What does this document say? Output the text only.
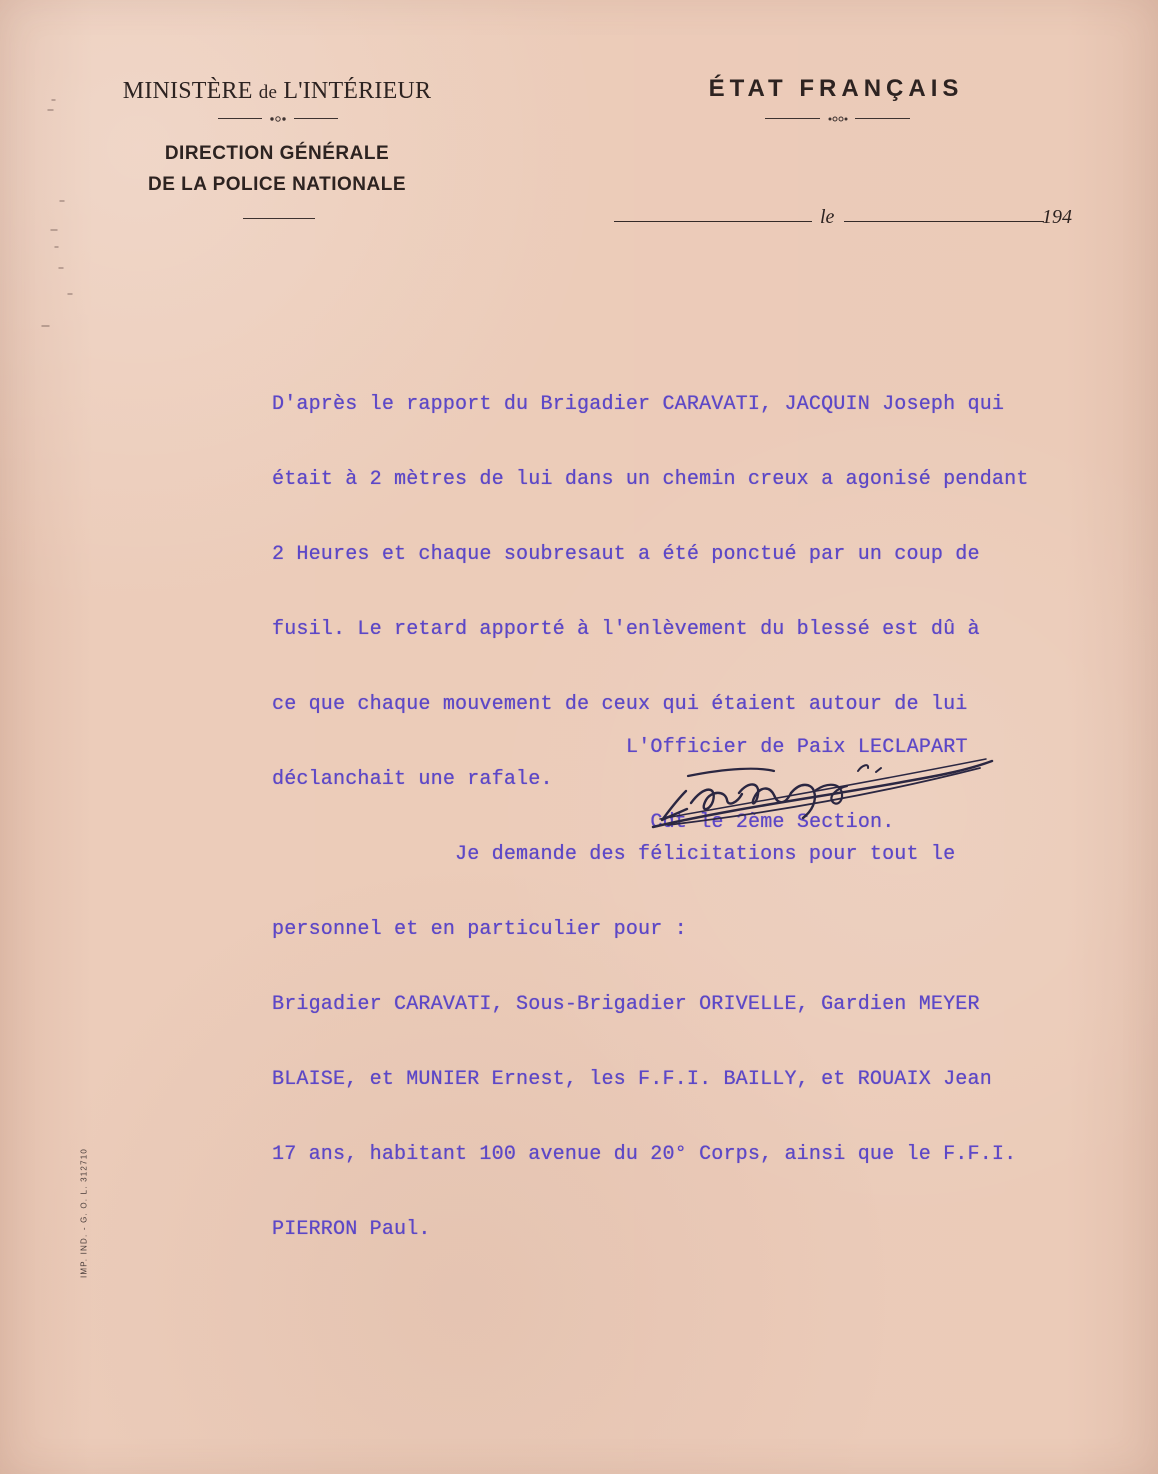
MINISTÈRE de L'INTÉRIEUR
DIRECTION GÉNÉRALE
DE LA POLICE NATIONALE
ÉTAT FRANÇAIS
le	194

D'après le rapport du Brigadier CARAVATI, JACQUIN Joseph qui

était à 2 mètres de lui dans un chemin creux a agonisé pendant

2 Heures et chaque soubresaut a été ponctué par un coup de

fusil. Le retard apporté à l'enlèvement du blessé est dû à

ce que chaque mouvement de ceux qui étaient autour de lui

déclanchait une rafale.

Je demande des félicitations pour tout le

personnel et en particulier pour :

Brigadier CARAVATI, Sous-Brigadier ORIVELLE, Gardien MEYER

BLAISE, et MUNIER Ernest, les F.F.I. BAILLY, et ROUAIX Jean

17 ans, habitant 100 avenue du 20° Corps, ainsi que le F.F.I.

PIERRON Paul.

L'Officier de Paix LECLAPART

Cdt le 2ème Section.

IMP. IND. - G. O. L. 312710
